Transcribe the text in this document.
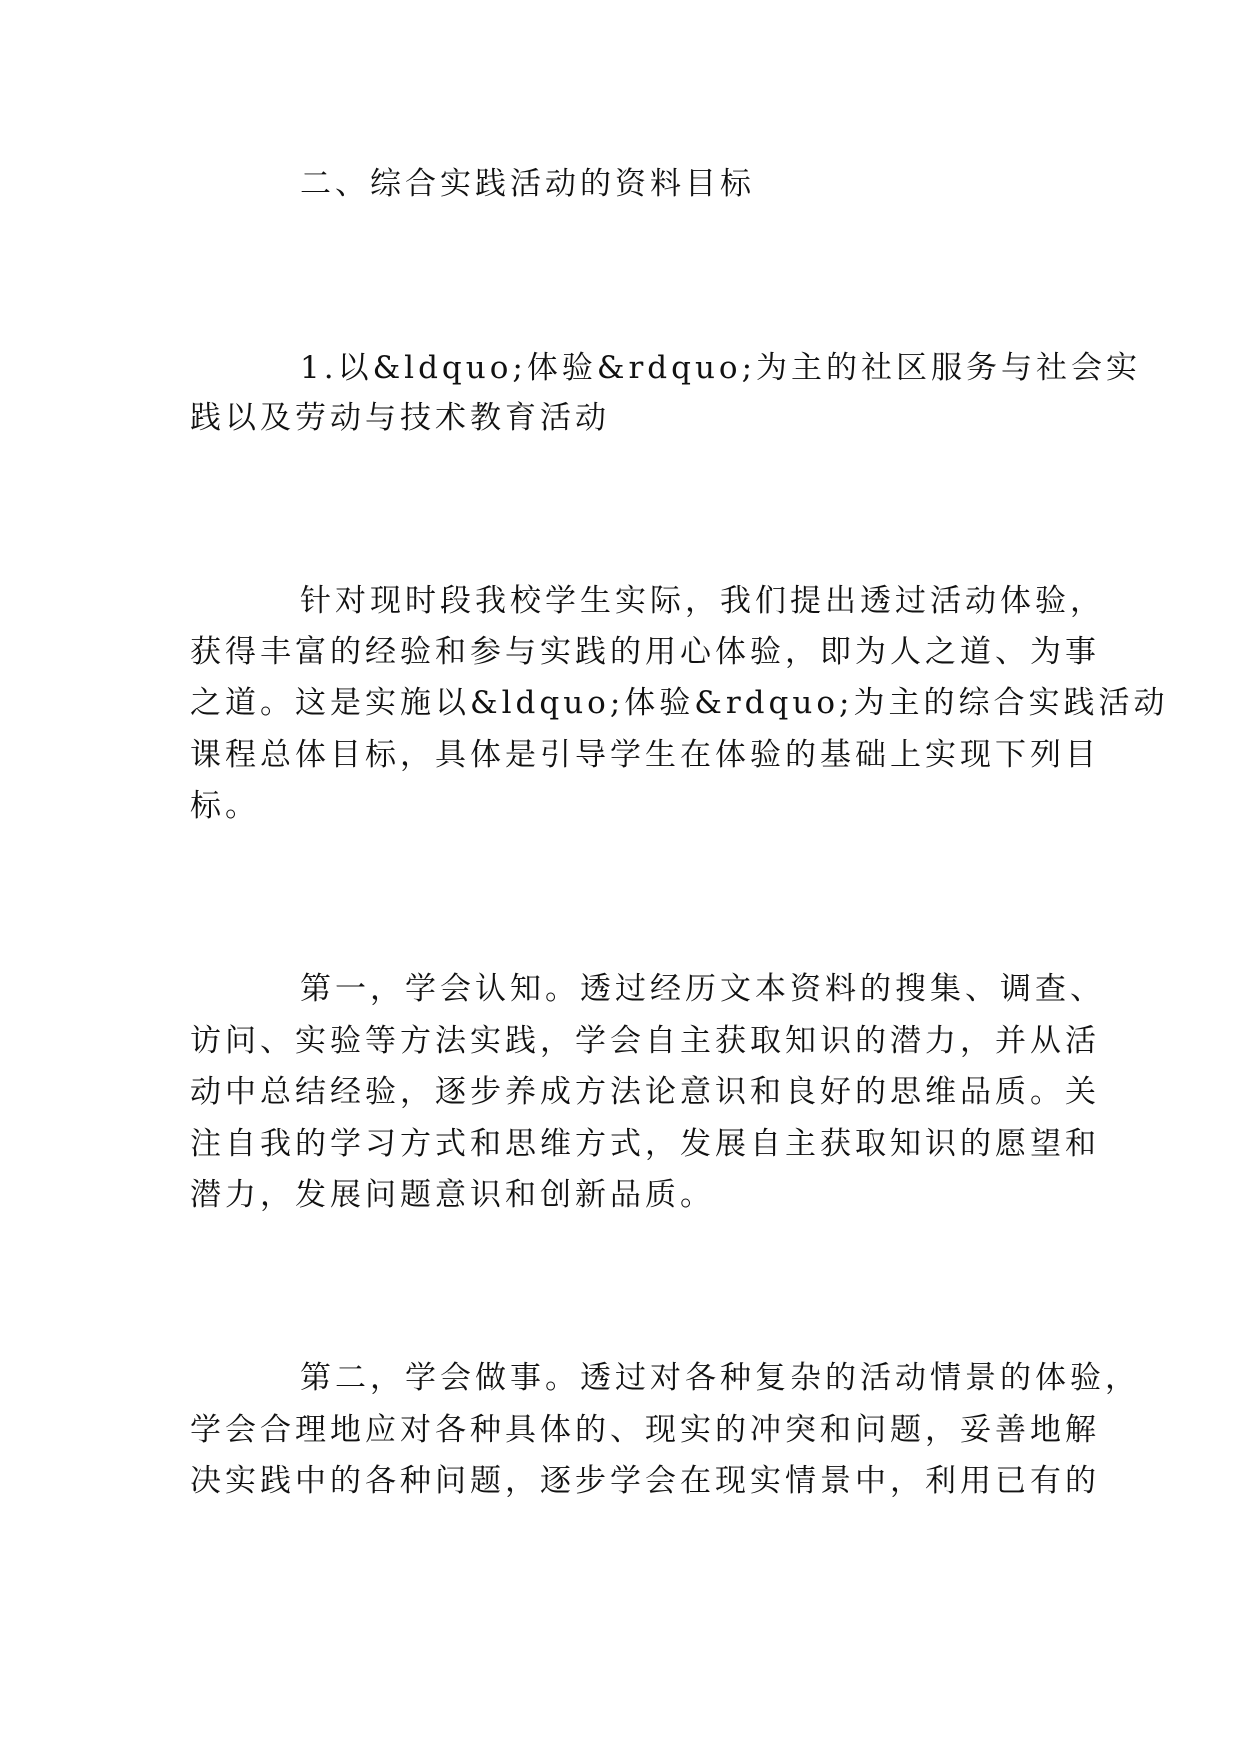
二、综合实践活动的资料目标

1.以&ldquo;体验&rdquo;为主的社区服务与社会实

践以及劳动与技术教育活动

针对现时段我校学生实际，我们提出透过活动体验，

获得丰富的经验和参与实践的用心体验，即为人之道、为事

之道。这是实施以&ldquo;体验&rdquo;为主的综合实践活动

课程总体目标，具体是引导学生在体验的基础上实现下列目

标。

第一，学会认知。透过经历文本资料的搜集、调查、

访问、实验等方法实践，学会自主获取知识的潜力，并从活

动中总结经验，逐步养成方法论意识和良好的思维品质。关

注自我的学习方式和思维方式，发展自主获取知识的愿望和

潜力，发展问题意识和创新品质。

第二，学会做事。透过对各种复杂的活动情景的体验，

学会合理地应对各种具体的、现实的冲突和问题，妥善地解

决实践中的各种问题，逐步学会在现实情景中，利用已有的
